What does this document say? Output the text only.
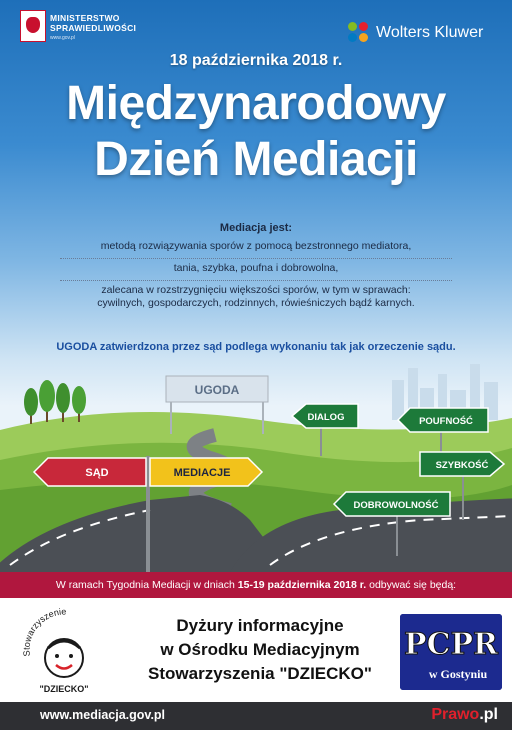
MINISTERSTWO
SPRAWIEDLIWOŚCI
www.gov.pl	Wolters Kluwer
18 października 2018 r.
Międzynarodowy
Dzień Mediacji
Mediacja jest:
metodą rozwiązywania sporów z pomocą bezstronnego mediatora,
tania, szybka, poufna i dobrowolna,
zalecana w rozstrzygnięciu większości sporów, w tym w sprawach:
cywilnych, gospodarczych, rodzinnych, rówieśniczych bądź karnych.
UGODA zatwierdzona przez sąd podlega wykonaniu tak jak orzeczenie sądu.
UGODA
DIALOG	POUFNOŚĆ
SZYBKOŚĆ
DOBROWOLNOŚĆ
SĄD	MEDIACJE
W ramach Tygodnia Mediacji w dniach 15-19 października 2018 r. odbywać się będą:
Stowarzyszenie
"DZIECKO"
Dyżury informacyjne
w Ośrodku Mediacyjnym
Stowarzyszenia "DZIECKO"
PCPR
w Gostyniu
www.mediacja.gov.pl	Prawo.pl
